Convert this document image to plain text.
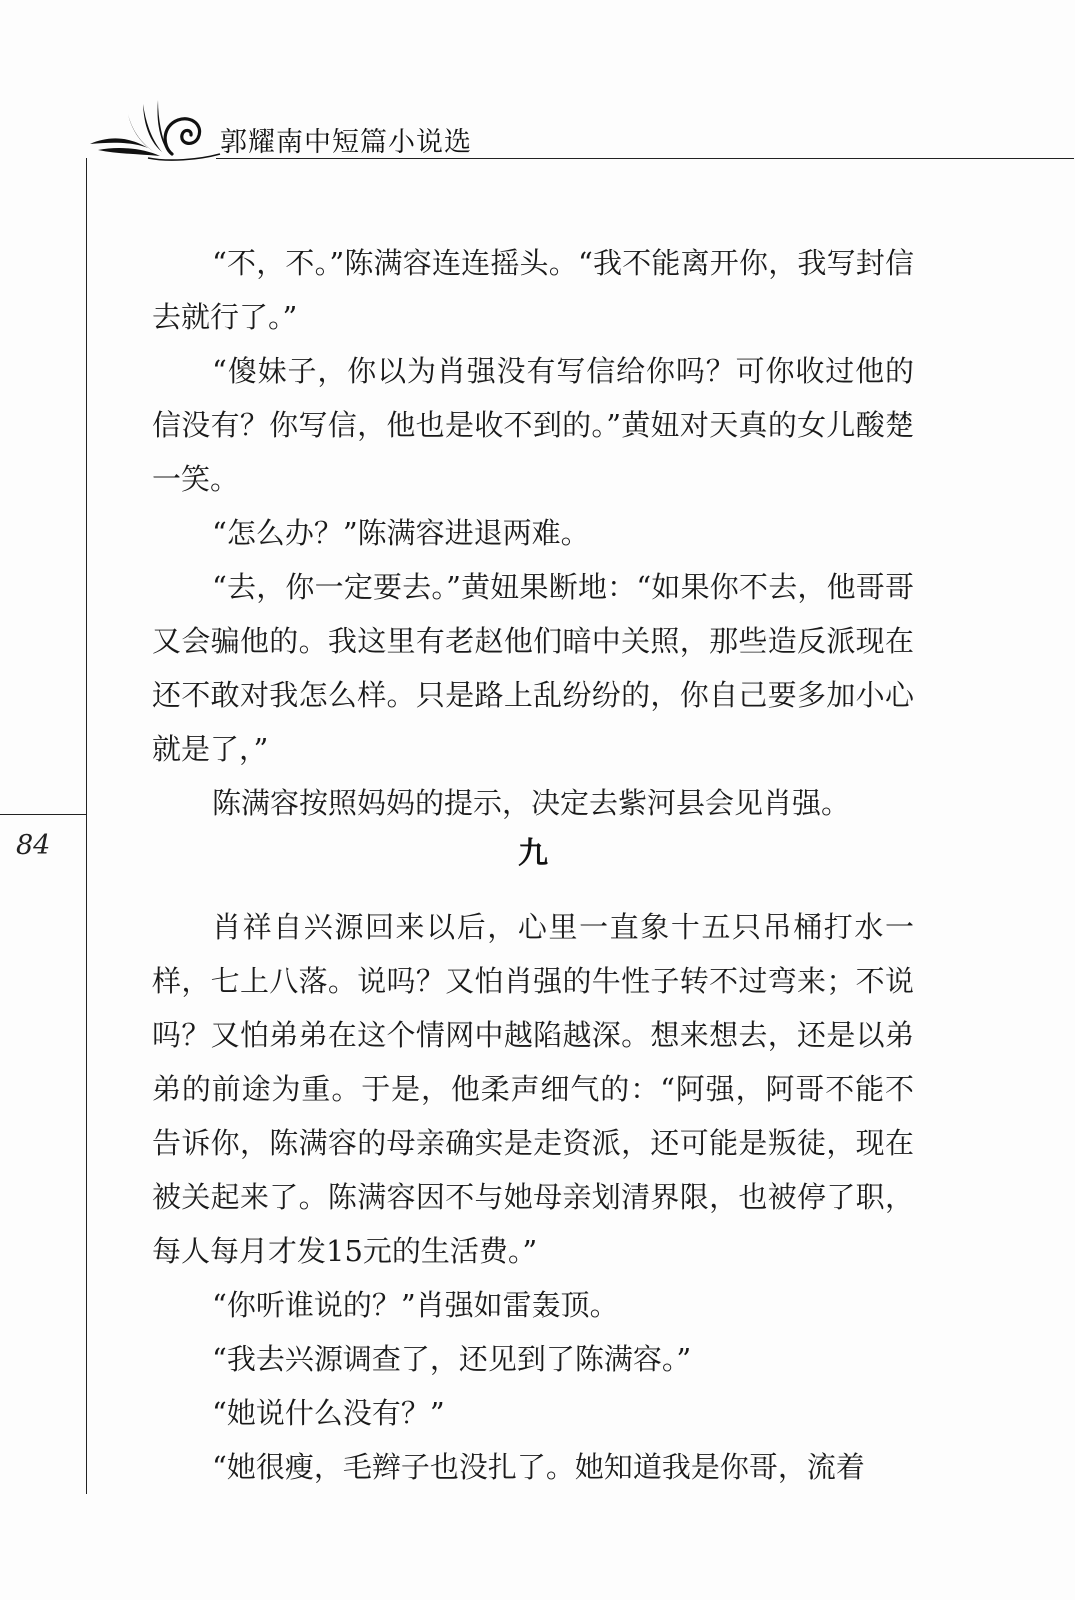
郭耀南中短篇小说选
84

“不，不。”陈满容连连摇头。“我不能离开你，我写封信去就行了。”

“傻妹子，你以为肖强没有写信给你吗？可你收过他的信没有？你写信，他也是收不到的。”黄妞对天真的女儿酸楚一笑。

“怎么办？”陈满容进退两难。

“去，你一定要去。”黄妞果断地：“如果你不去，他哥哥又会骗他的。我这里有老赵他们暗中关照，那些造反派现在还不敢对我怎么样。只是路上乱纷纷的，你自己要多加小心就是了，”

陈满容按照妈妈的提示，决定去紫河县会见肖强。

九

肖祥自兴源回来以后，心里一直象十五只吊桶打水一样，七上八落。说吗？又怕肖强的牛性子转不过弯来；不说吗？又怕弟弟在这个情网中越陷越深。想来想去，还是以弟弟的前途为重。于是，他柔声细气的：“阿强，阿哥不能不告诉你，陈满容的母亲确实是走资派，还可能是叛徒，现在被关起来了。陈满容因不与她母亲划清界限，也被停了职，每人每月才发15元的生活费。”

“你听谁说的？”肖强如雷轰顶。

“我去兴源调查了，还见到了陈满容。”

“她说什么没有？”

“她很瘦，毛辫子也没扎了。她知道我是你哥，流着
